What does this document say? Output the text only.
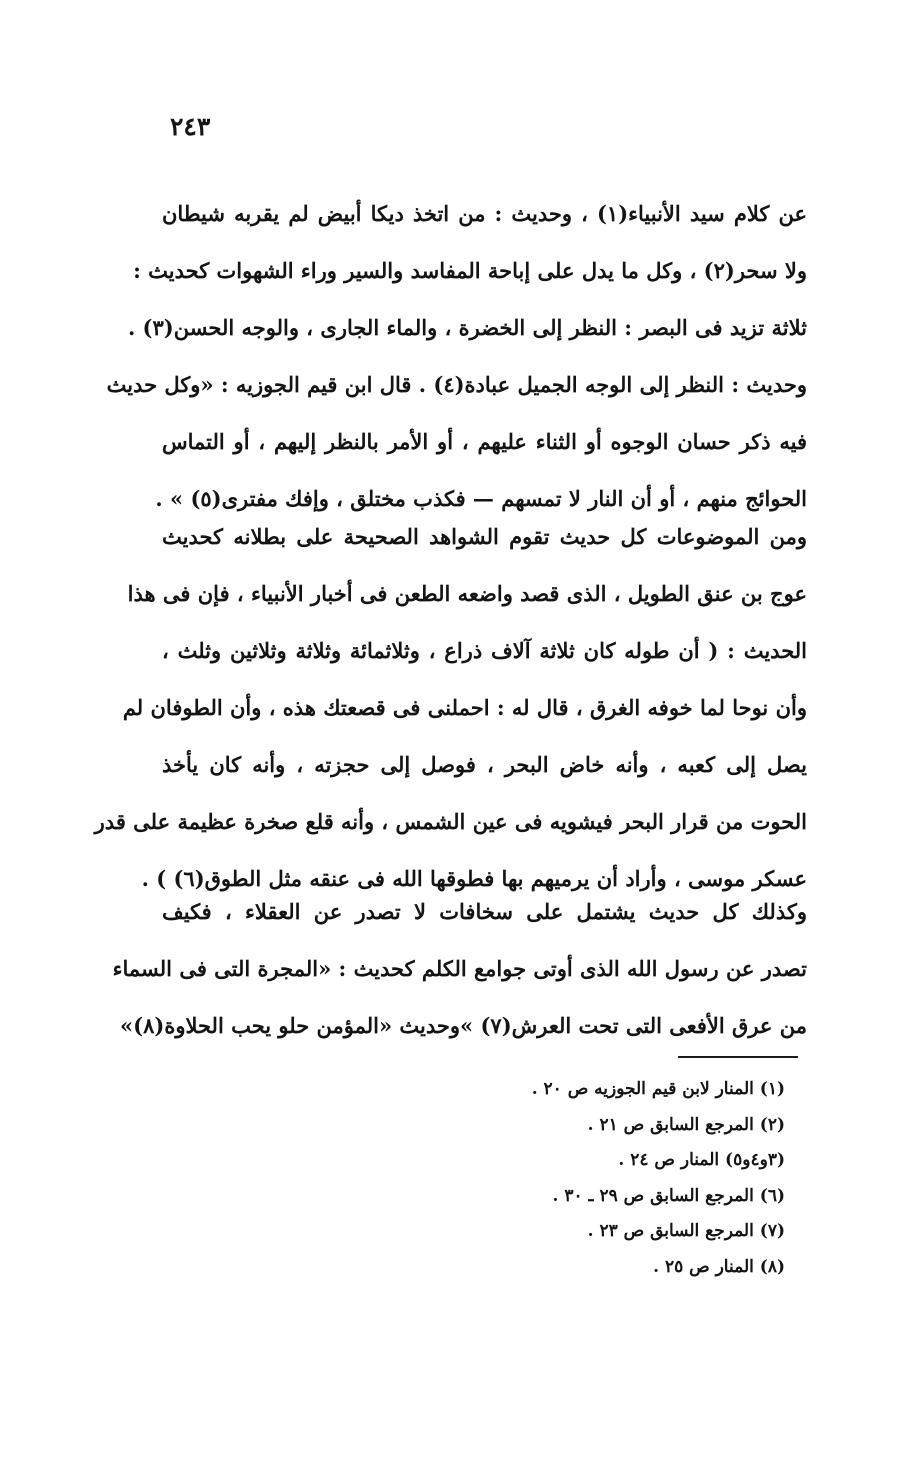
٢٤٣
عن كلام سيد الأنبياء(١) ، وحديث : من اتخذ ديكا أبيض لم يقربه شيطان
ولا سحر(٢) ، وكل ما يدل على إباحة المفاسد والسير وراء الشهوات كحديث :
ثلاثة تزيد فى البصر : النظر إلى الخضرة ، والماء الجارى ، والوجه الحسن(٣) .
وحديث : النظر إلى الوجه الجميل عبادة(٤) . قال ابن قيم الجوزيه : «وكل حديث
فيه ذكر حسان الوجوه أو الثناء عليهم ، أو الأمر بالنظر إليهم ، أو التماس
الحوائج منهم ، أو أن النار لا تمسهم — فكذب مختلق ، وإفك مفترى(٥) » .
ومن الموضوعات كل حديث تقوم الشواهد الصحيحة على بطلانه كحديث
عوج بن عنق الطويل ، الذى قصد واضعه الطعن فى أخبار الأنبياء ، فإن فى هذا
الحديث : ( أن طوله كان ثلاثة آلاف ذراع ، وثلاثمائة وثلاثة وثلاثين وثلث ،
وأن نوحا لما خوفه الغرق ، قال له : احملنى فى قصعتك هذه ، وأن الطوفان لم
يصل إلى كعبه ، وأنه خاض البحر ، فوصل إلى حجزته ، وأنه كان يأخذ
الحوت من قرار البحر فيشويه فى عين الشمس ، وأنه قلع صخرة عظيمة على قدر
عسكر موسى ، وأراد أن يرميهم بها فطوقها الله فى عنقه مثل الطوق(٦) ) .
وكذلك كل حديث يشتمل على سخافات لا تصدر عن العقلاء ، فكيف
تصدر عن رسول الله الذى أوتى جوامع الكلم كحديث : «المجرة التى فى السماء
من عرق الأفعى التى تحت العرش(٧) »وحديث «المؤمن حلو يحب الحلاوة(٨)»
(١) المنار لابن قيم الجوزيه ص ٢٠ .
(٢) المرجع السابق ص ٢١ .
(٣و٤و٥) المنار ص ٢٤ .
(٦) المرجع السابق ص ٢٩ ـ ٣٠ .
(٧) المرجع السابق ص ٢٣ .
(٨) المنار ص ٢٥ .
